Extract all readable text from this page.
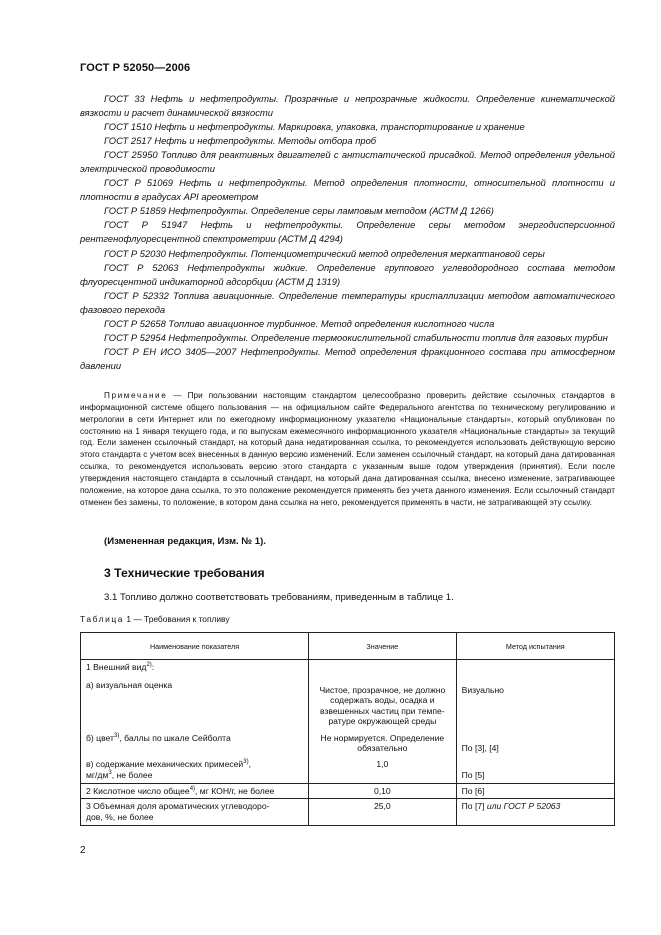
ГОСТ Р 52050—2006

ГОСТ 33 Нефть и нефтепродукты. Прозрачные и непрозрачные жидкости. Определение кинематической вязкости и расчет динамической вязкости

ГОСТ 1510 Нефть и нефтепродукты. Маркировка, упаковка, транспортирование и хранение

ГОСТ 2517 Нефть и нефтепродукты. Методы отбора проб

ГОСТ 25950 Топливо для реактивных двигателей с антистатической присадкой. Метод определения удельной электрической проводимости

ГОСТ Р 51069 Нефть и нефтепродукты. Метод определения плотности, относительной плотности и плотности в градусах API ареометром

ГОСТ Р 51859 Нефтепродукты. Определение серы ламповым методом (АСТМ Д 1266)

ГОСТ Р 51947 Нефть и нефтепродукты. Определение серы методом энергодисперсионной рентгенофлуоресцентной спектрометрии (АСТМ Д 4294)

ГОСТ Р 52030 Нефтепродукты. Потенциометрический метод определения меркаптановой серы

ГОСТ Р 52063 Нефтепродукты жидкие. Определение группового углеводородного состава методом флуоресцентной индикаторной адсорбции (АСТМ Д 1319)

ГОСТ Р 52332 Топлива авиационные. Определение температуры кристаллизации методом автоматического фазового перехода

ГОСТ Р 52658 Топливо авиационное турбинное. Метод определения кислотного числа

ГОСТ Р 52954 Нефтепродукты. Определение термоокислительной стабильности топлив для газовых турбин

ГОСТ Р ЕН ИСО 3405—2007 Нефтепродукты. Метод определения фракционного состава при атмосферном давлении

Примечание — При пользовании настоящим стандартом целесообразно проверить действие ссылочных стандартов в информационной системе общего пользования — на официальном сайте Федерального агентства по техническому регулированию и метрологии в сети Интернет или по ежегодному информационному указателю «Национальные стандарты», который опубликован по состоянию на 1 января текущего года, и по выпускам ежемесячного информационного указателя «Национальные стандарты» за текущий год. Если заменен ссылочный стандарт, на который дана недатированная ссылка, то рекомендуется использовать действующую версию этого стандарта с учетом всех внесенных в данную версию изменений. Если заменен ссылочный стандарт, на который дана датированная ссылка, то рекомендуется использовать версию этого стандарта с указанным выше годом утверждения (принятия). Если после утверждения настоящего стандарта в ссылочный стандарт, на который дана датированная ссылка, внесено изменение, затрагивающее положение, на которое дана ссылка, то это положение рекомендуется применять без учета данного изменения. Если ссылочный стандарт отменен без замены, то положение, в котором дана ссылка на него, рекомендуется применять в части, не затрагивающей эту ссылку.

(Измененная редакция, Изм. № 1).
3 Технические требования
3.1 Топливо должно соответствовать требованиям, приведенным в таблице 1.
Таблица 1 — Требования к топливу
Наименование показателя	Значение	Метод испытания
1 Внешний вид$^{2)}$:
а) визуальная оценка	Чистое, прозрачное, не должно
содержать воды, осадка и
взвешенных частиц при темпе-
ратуре окружающей среды	Визуально
б) цвет$^{3)}$, баллы по шкале Сейболта	Не нормируется. Определение
обязательно	По [3], [4]
в) содержание механических примесей$^{3)}$,
$мг/дм^3$, не более	1,0	По [5]
2 Кислотное число общее$^{4)}$, мг КОН/г, не более	0,10	По [6]
3 Объемная доля ароматических углеводоро-
дов, %, не более	25,0	По [7] или ГОСТ Р 52063
2
